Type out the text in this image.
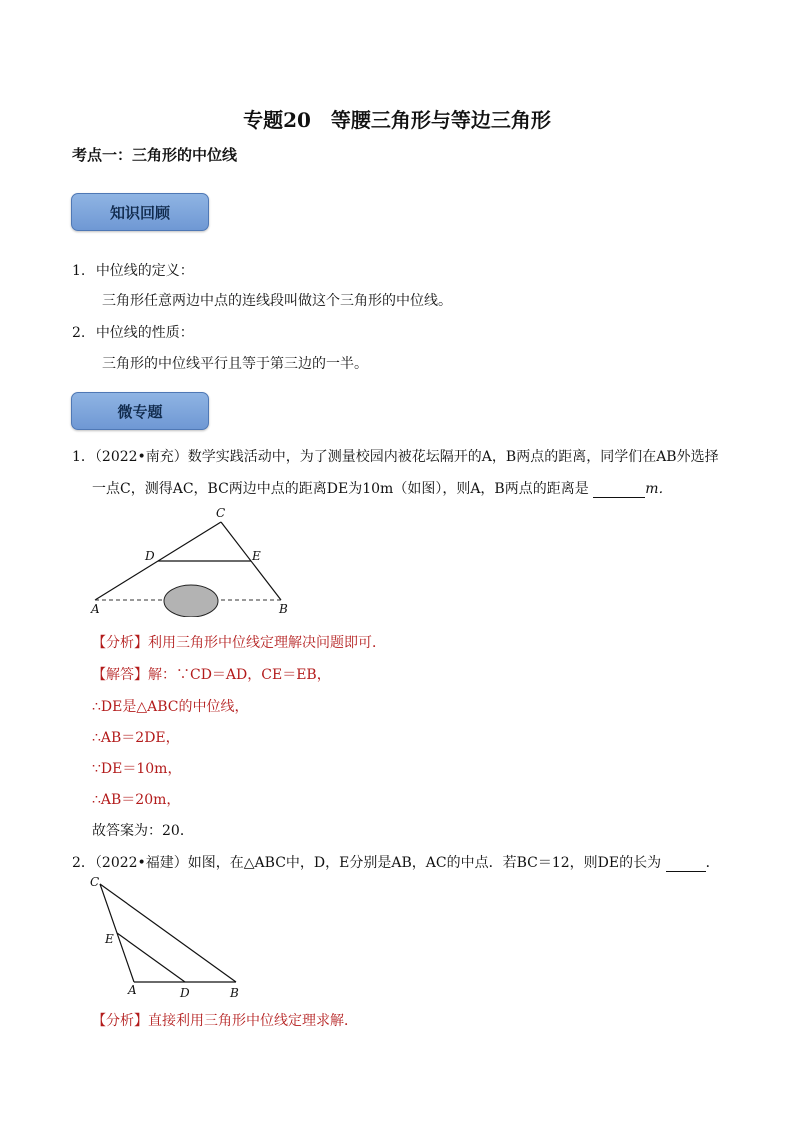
专题20　等腰三角形与等边三角形
考点一：三角形的中位线
知识回顾
1. 中位线的定义：
三角形任意两边中点的连线段叫做这个三角形的中位线。
2. 中位线的性质：
三角形的中位线平行且等于第三边的一半。
微专题
1．（2022•南充）数学实践活动中，为了测量校园内被花坛隔开的A，B两点的距离，同学们在AB外选择
一点C，测得AC，BC两边中点的距离DE为10m（如图），则A，B两点的距离是	m．
C
D	E
A	B
【分析】利用三角形中位线定理解决问题即可．
【解答】解：∵CD＝AD，CE＝EB，
∴DE是△ABC的中位线，
∴AB＝2DE，
∵DE＝10m，
∴AB＝20m，
故答案为：20．
2．（2022•福建）如图，在△ABC中，D，E分别是AB，AC的中点．若BC＝12，则DE的长为	．
C
E
A	D	B
【分析】直接利用三角形中位线定理求解．
